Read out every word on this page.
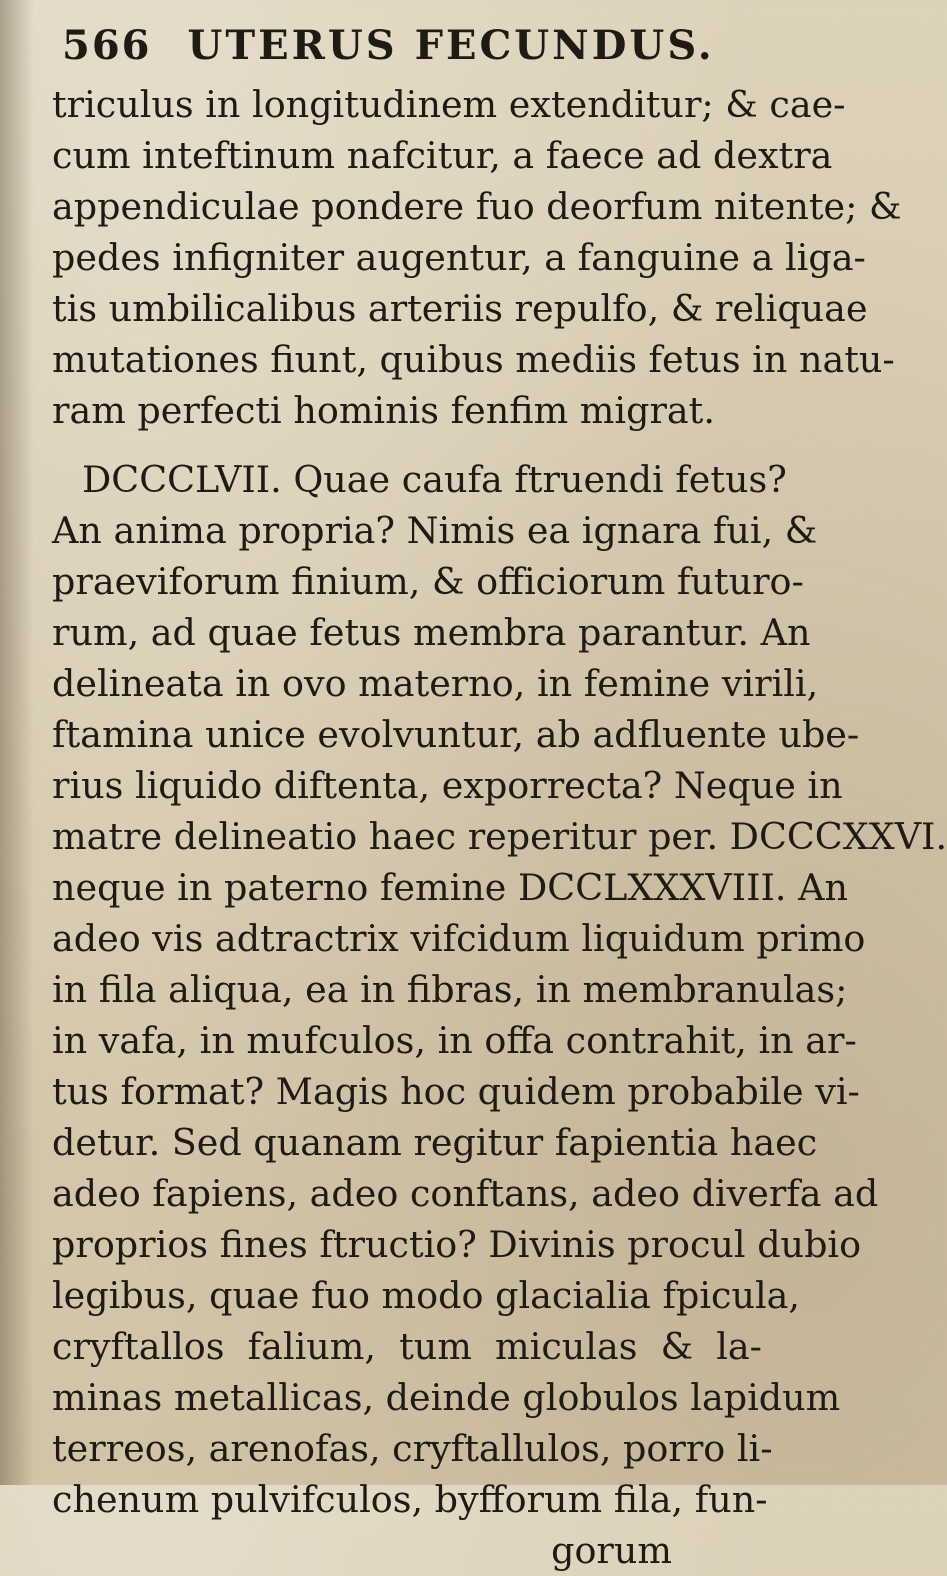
566 UTERUS FECUNDUS.
triculus in longitudinem extenditur; & cae-
cum inteftinum nafcitur, a faece ad dextra
appendiculae pondere fuo deorfum nitente; &
pedes infigniter augentur, a fanguine a liga-
tis umbilicalibus arteriis repulfo, & reliquae
mutationes fiunt, quibus mediis fetus in natu-
ram perfecti hominis fenfim migrat.
DCCCLVII. Quae caufa ftruendi fetus?
An anima propria? Nimis ea ignara fui, &
praeviforum finium, & officiorum futuro-
rum, ad quae fetus membra parantur. An
delineata in ovo materno, in femine virili,
ftamina unice evolvuntur, ab adfluente ube-
rius liquido diftenta, exporrecta? Neque in
matre delineatio haec reperitur per. DCCCXXVI.
neque in paterno femine DCCLXXXVIII. An
adeo vis adtractrix vifcidum liquidum primo
in fila aliqua, ea in fibras, in membranulas;
in vafa, in mufculos, in offa contrahit, in ar-
tus format? Magis hoc quidem probabile vi-
detur. Sed quanam regitur fapientia haec
adeo fapiens, adeo conftans, adeo diverfa ad
proprios fines ftructio? Divinis procul dubio
legibus, quae fuo modo glacialia fpicula,
cryftallos falium, tum miculas & la-
minas metallicas, deinde globulos lapidum
terreos, arenofas, cryftallulos, porro li-
chenum pulvifculos, byfforum fila, fun-
gorum
